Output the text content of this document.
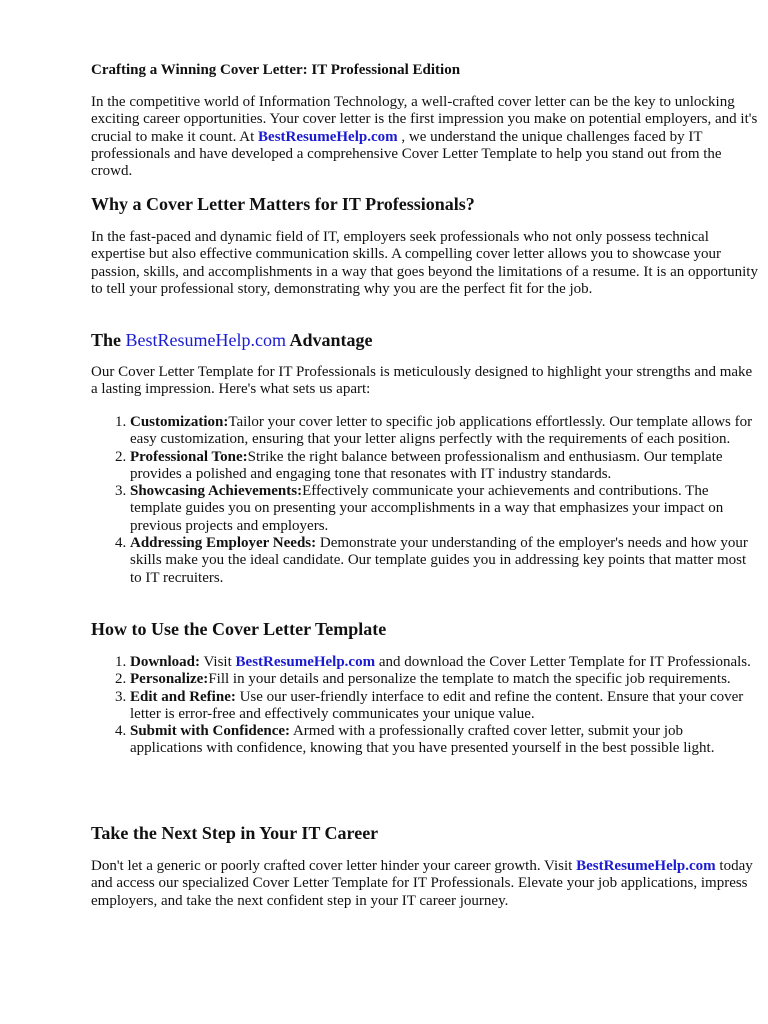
Crafting a Winning Cover Letter: IT Professional Edition

In the competitive world of Information Technology, a well-crafted cover letter can be the key to unlocking exciting career opportunities. Your cover letter is the first impression you make on potential employers, and it's crucial to make it count. At BestResumeHelp.com , we understand the unique challenges faced by IT professionals and have developed a comprehensive Cover Letter Template to help you stand out from the crowd.

Why a Cover Letter Matters for IT Professionals?

In the fast-paced and dynamic field of IT, employers seek professionals who not only possess technical expertise but also effective communication skills. A compelling cover letter allows you to showcase your passion, skills, and accomplishments in a way that goes beyond the limitations of a resume. It is an opportunity to tell your professional story, demonstrating why you are the perfect fit for the job.

The BestResumeHelp.com Advantage

Our Cover Letter Template for IT Professionals is meticulously designed to highlight your strengths and make a lasting impression. Here's what sets us apart:

1. Customization:Tailor your cover letter to specific job applications effortlessly. Our template allows for easy customization, ensuring that your letter aligns perfectly with the requirements of each position.
2. Professional Tone:Strike the right balance between professionalism and enthusiasm. Our template provides a polished and engaging tone that resonates with IT industry standards.
3. Showcasing Achievements:Effectively communicate your achievements and contributions. The template guides you on presenting your accomplishments in a way that emphasizes your impact on previous projects and employers.
4. Addressing Employer Needs: Demonstrate your understanding of the employer's needs and how your skills make you the ideal candidate. Our template guides you in addressing key points that matter most to IT recruiters.
How to Use the Cover Letter Template
1. Download: Visit BestResumeHelp.com and download the Cover Letter Template for IT Professionals.
2. Personalize:Fill in your details and personalize the template to match the specific job requirements.
3. Edit and Refine: Use our user-friendly interface to edit and refine the content. Ensure that your cover letter is error-free and effectively communicates your unique value.
4. Submit with Confidence: Armed with a professionally crafted cover letter, submit your job applications with confidence, knowing that you have presented yourself in the best possible light.
Take the Next Step in Your IT Career

Don't let a generic or poorly crafted cover letter hinder your career growth. Visit BestResumeHelp.com today and access our specialized Cover Letter Template for IT Professionals. Elevate your job applications, impress employers, and take the next confident step in your IT career journey.
